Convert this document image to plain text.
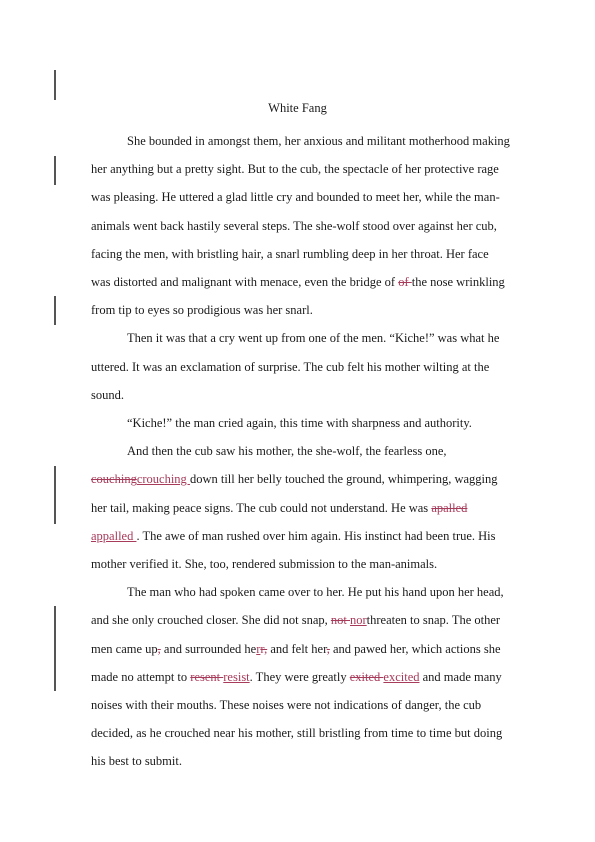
White Fang

She bounded in amongst them, her anxious and militant motherhood making her anything but a pretty sight. But to the cub, the spectacle of her protective rage was pleasing. He uttered a glad little cry and bounded to meet her, while the man-animals went back hastily several steps. The she-wolf stood over against her cub, facing the men, with bristling hair, a snarl rumbling deep in her throat. Her face was distorted and malignant with menace, even the bridge of of the nose wrinkling from tip to eyes so prodigious was her snarl.

Then it was that a cry went up from one of the men. “Kiche!” was what he uttered. It was an exclamation of surprise. The cub felt his mother wilting at the sound.

“Kiche!” the man cried again, this time with sharpness and authority.

And then the cub saw his mother, the she-wolf, the fearless one, couchingcrouching down till her belly touched the ground, whimpering, wagging her tail, making peace signs. The cub could not understand. He was apalled appalled . The awe of man rushed over him again. His instinct had been true. His mother verified it. She, too, rendered submission to the man-animals.

The man who had spoken came over to her. He put his hand upon her head, and she only crouched closer. She did not snap, not northreaten to snap. The other men came up, and surrounded herr, and felt her, and pawed her, which actions she made no attempt to resent resist. They were greatly exited excited and made many noises with their mouths. These noises were not indications of danger, the cub decided, as he crouched near his mother, still bristling from time to time but doing his best to submit.
